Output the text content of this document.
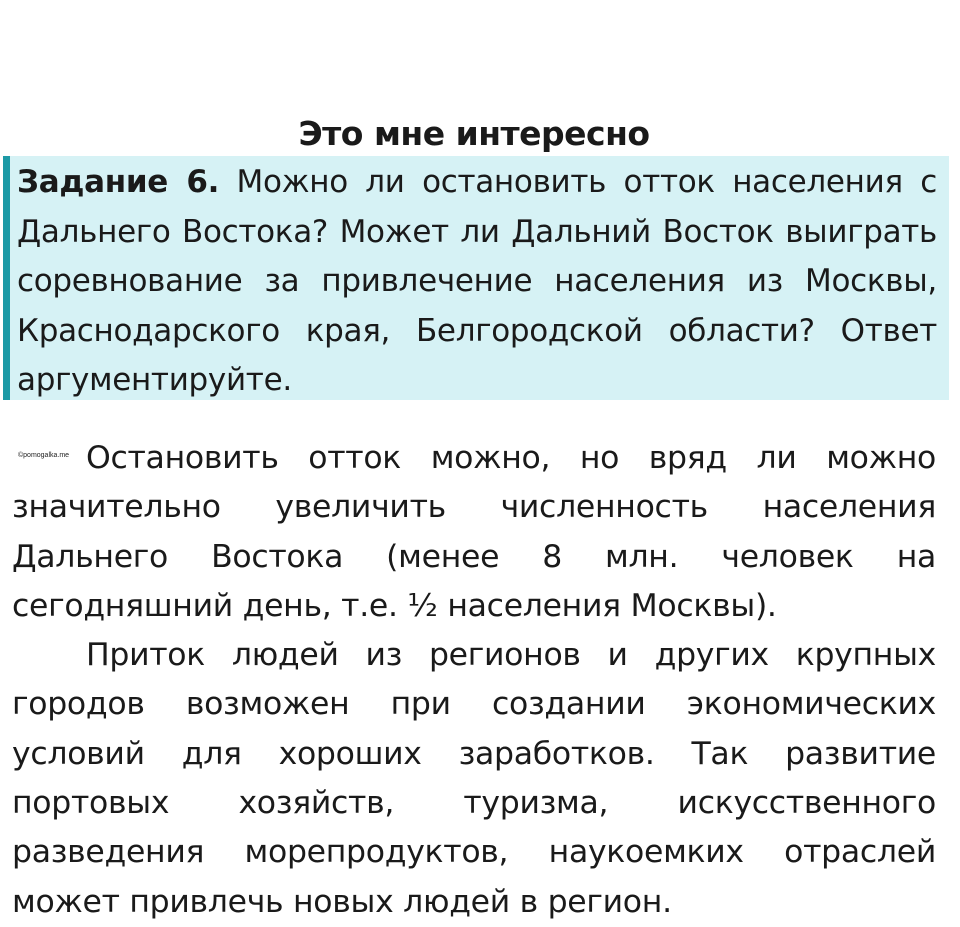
Это мне интересно

Задание 6. Можно ли остановить отток населения с Дальнего Востока? Может ли Дальний Восток выиграть соревнование за привлечение населения из Москвы, Краснодарского края, Белгородской области? Ответ аргументируйте.

©pomogalka.me Остановить отток можно, но вряд ли можно значительно увеличить численность населения Дальнего Востока (менее 8 млн. человек на сегодняшний день, т.е. ½ населения Москвы).

Приток людей из регионов и других крупных городов возможен при создании экономических условий для хороших заработков. Так развитие портовых хозяйств, туризма, искусственного разведения морепродуктов, наукоемких отраслей может привлечь новых людей в регион.
